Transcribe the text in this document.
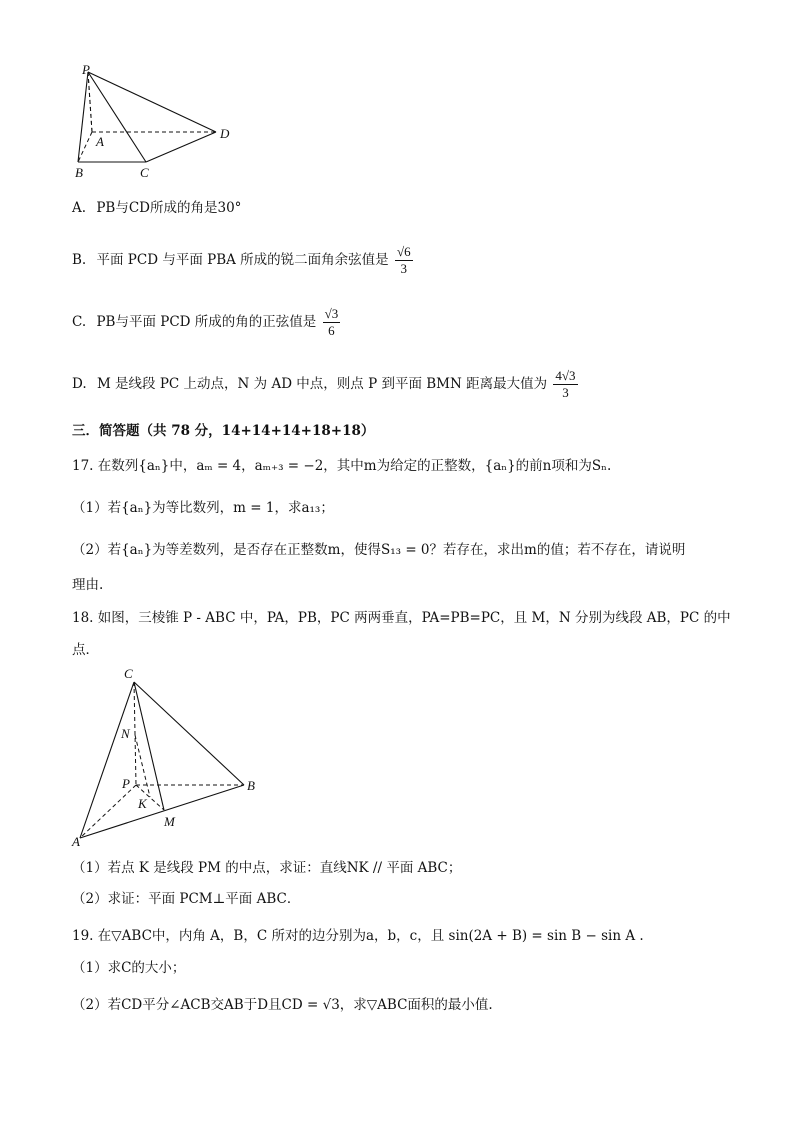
P
A
B	C
D
A. PB与CD所成的角是30°
B. 平面 PCD 与平面 PBA 所成的锐二面角余弦值是 $\frac{√6}{3}$
C. PB与平面 PCD 所成的角的正弦值是 $\frac{√3}{6}$
D. M 是线段 PC 上动点，N 为 AD 中点，则点 P 到平面 BMN 距离最大值为 $\frac{4√3}{3}$
三．简答题（共 78 分，14+14+14+18+18）
17. 在数列{aₙ}中，aₘ = 4，aₘ₊₃ = −2，其中m为给定的正整数，{aₙ}的前n项和为Sₙ.
（1）若{aₙ}为等比数列，m = 1，求a₁₃；
（2）若{aₙ}为等差数列，是否存在正整数m，使得S₁₃ = 0？若存在，求出m的值；若不存在，请说明
理由.
18. 如图，三棱锥 P - ABC 中，PA，PB，PC 两两垂直，PA=PB=PC，且 M，N 分别为线段 AB，PC 的中
点．
C
N
P
K
B
A
M
（1）若点 K 是线段 PM 的中点，求证：直线NK // 平面 ABC；
（2）求证：平面 PCM⊥平面 ABC．
19. 在▽ABC中，内角 A，B，C 所对的边分别为a，b，c，且 sin(2A + B) = sin B − sin A .
（1）求C的大小；
（2）若CD平分∠ACB交AB于D且CD = √3，求▽ABC面积的最小值.
